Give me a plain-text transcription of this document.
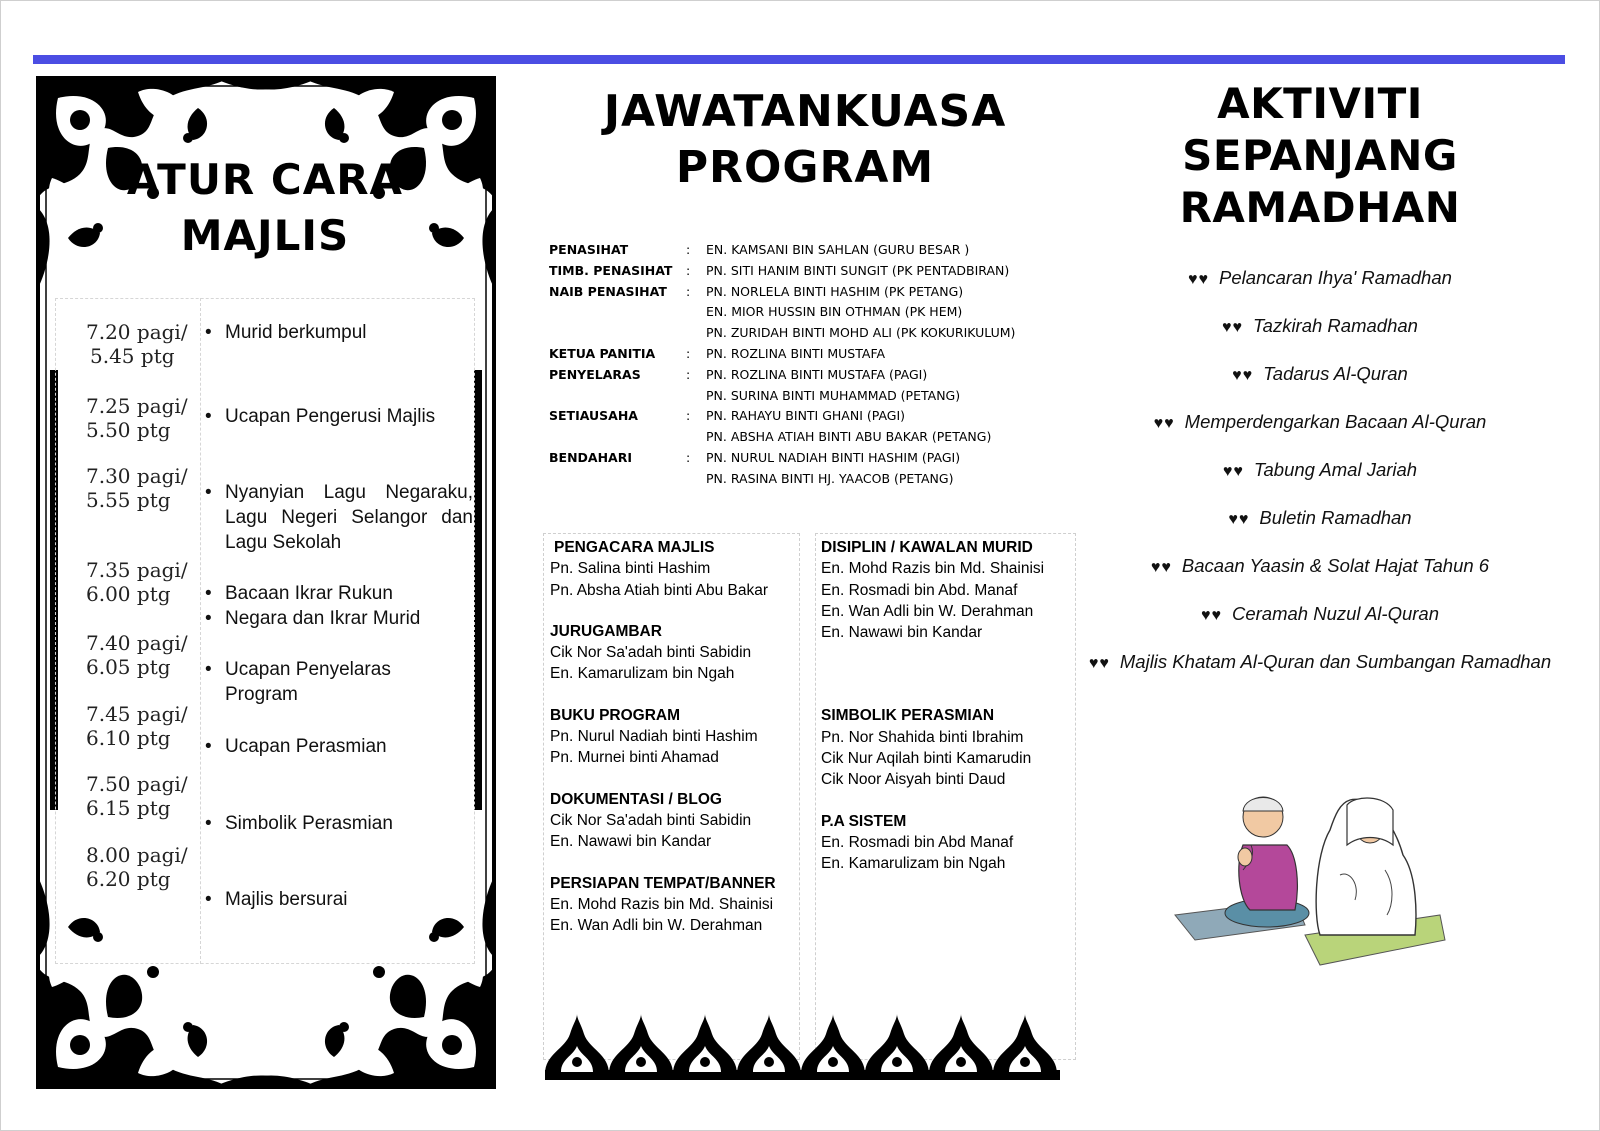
ATUR CARA
MAJLIS
7.20 pagi/
5.45 ptg
• Murid berkumpul
7.25 pagi/
5.50 ptg
• Ucapan Pengerusi Majlis
7.30 pagi/
5.55 ptg	• Nyanyian Lagu Negaraku,
Lagu Negeri Selangor dan
Lagu Sekolah
7.35 pagi/
6.00 ptg	• Bacaan Ikrar Rukun
• Negara dan Ikrar Murid
7.40 pagi/
6.05 ptg	• Ucapan Penyelaras
Program
7.45 pagi/
6.10 ptg	• Ucapan Perasmian
7.50 pagi/
6.15 ptg
• Simbolik Perasmian
8.00 pagi/
6.20 ptg
• Majlis bersurai
JAWATANKUASA
PROGRAM
PENASIHAT	:	EN. KAMSANI BIN SAHLAN (GURU BESAR )
TIMB. PENASIHAT	:	PN. SITI HANIM BINTI SUNGIT (PK PENTADBIRAN)
NAIB PENASIHAT	:	PN. NORLELA BINTI HASHIM (PK PETANG)
EN. MIOR HUSSIN BIN OTHMAN (PK HEM)
PN. ZURIDAH BINTI MOHD ALI (PK KOKURIKULUM)
KETUA PANITIA	:	PN. ROZLINA BINTI MUSTAFA
PENYELARAS	:	PN. ROZLINA BINTI MUSTAFA (PAGI)
PN. SURINA BINTI MUHAMMAD (PETANG)
SETIAUSAHA	:	PN. RAHAYU BINTI GHANI (PAGI)
PN. ABSHA ATIAH BINTI ABU BAKAR (PETANG)
BENDAHARI	:	PN. NURUL NADIAH BINTI HASHIM (PAGI)
PN. RASINA BINTI HJ. YAACOB (PETANG)
PENGACARA MAJLIS
Pn. Salina binti Hashim
Pn. Absha Atiah binti Abu Bakar
JURUGAMBAR
Cik Nor Sa'adah binti Sabidin
En. Kamarulizam bin Ngah
BUKU PROGRAM
Pn. Nurul Nadiah binti Hashim
Pn. Murnei binti Ahamad
DOKUMENTASI / BLOG
Cik Nor Sa'adah binti Sabidin
En. Nawawi bin Kandar
PERSIAPAN TEMPAT/BANNER
En. Mohd Razis bin Md. Shainisi
En. Wan Adli bin W. Derahman
DISIPLIN / KAWALAN MURID
En. Mohd Razis bin Md. Shainisi
En. Rosmadi bin Abd. Manaf
En. Wan Adli bin W. Derahman
En. Nawawi bin Kandar
SIMBOLIK PERASMIAN
Pn. Nor Shahida binti Ibrahim
Cik Nur Aqilah binti Kamarudin
Cik Noor Aisyah binti Daud
P.A SISTEM
En. Rosmadi bin Abd Manaf
En. Kamarulizam bin Ngah
AKTIVITI SEPANJANG
RAMADHAN
♥♥ Pelancaran Ihya' Ramadhan
♥♥ Tazkirah Ramadhan
♥♥ Tadarus Al-Quran
♥♥ Memperdengarkan Bacaan Al-Quran
♥♥ Tabung Amal Jariah
♥♥ Buletin Ramadhan
♥♥ Bacaan Yaasin & Solat Hajat Tahun 6
♥♥ Ceramah Nuzul Al-Quran
♥♥ Majlis Khatam Al-Quran dan Sumbangan Ramadhan
